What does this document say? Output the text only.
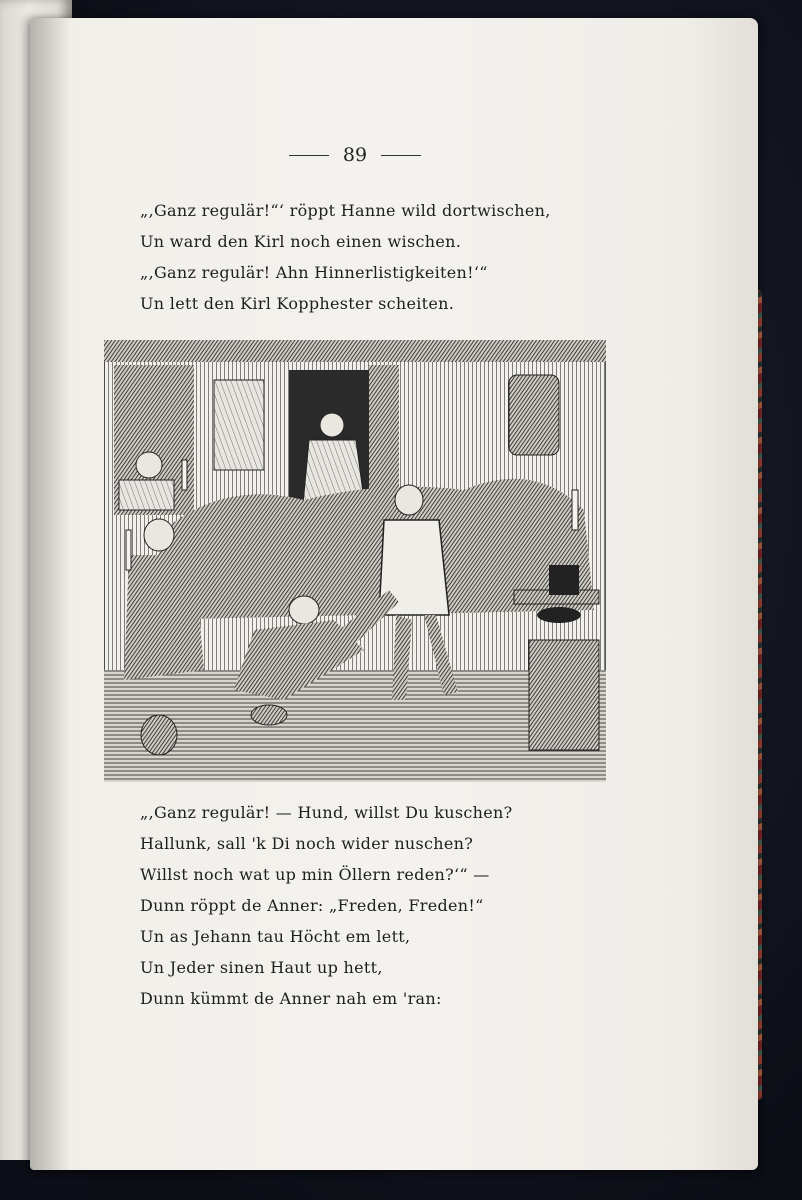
89
„,Ganz regulär!“‘ röppt Hanne wild dortwischen,
Un ward den Kirl noch einen wischen.
„,Ganz regulär! Ahn Hinnerlistigkeiten!‘“
Un lett den Kirl Kopphester scheiten.
„,Ganz regulär! — Hund, willst Du kuschen?
Hallunk, sall 'k Di noch wider nuschen?
Willst noch wat up min Öllern reden?‘“ —
Dunn röppt de Anner: „Freden, Freden!“
Un as Jehann tau Höcht em lett,
Un Jeder sinen Haut up hett,
Dunn kümmt de Anner nah em 'ran:
